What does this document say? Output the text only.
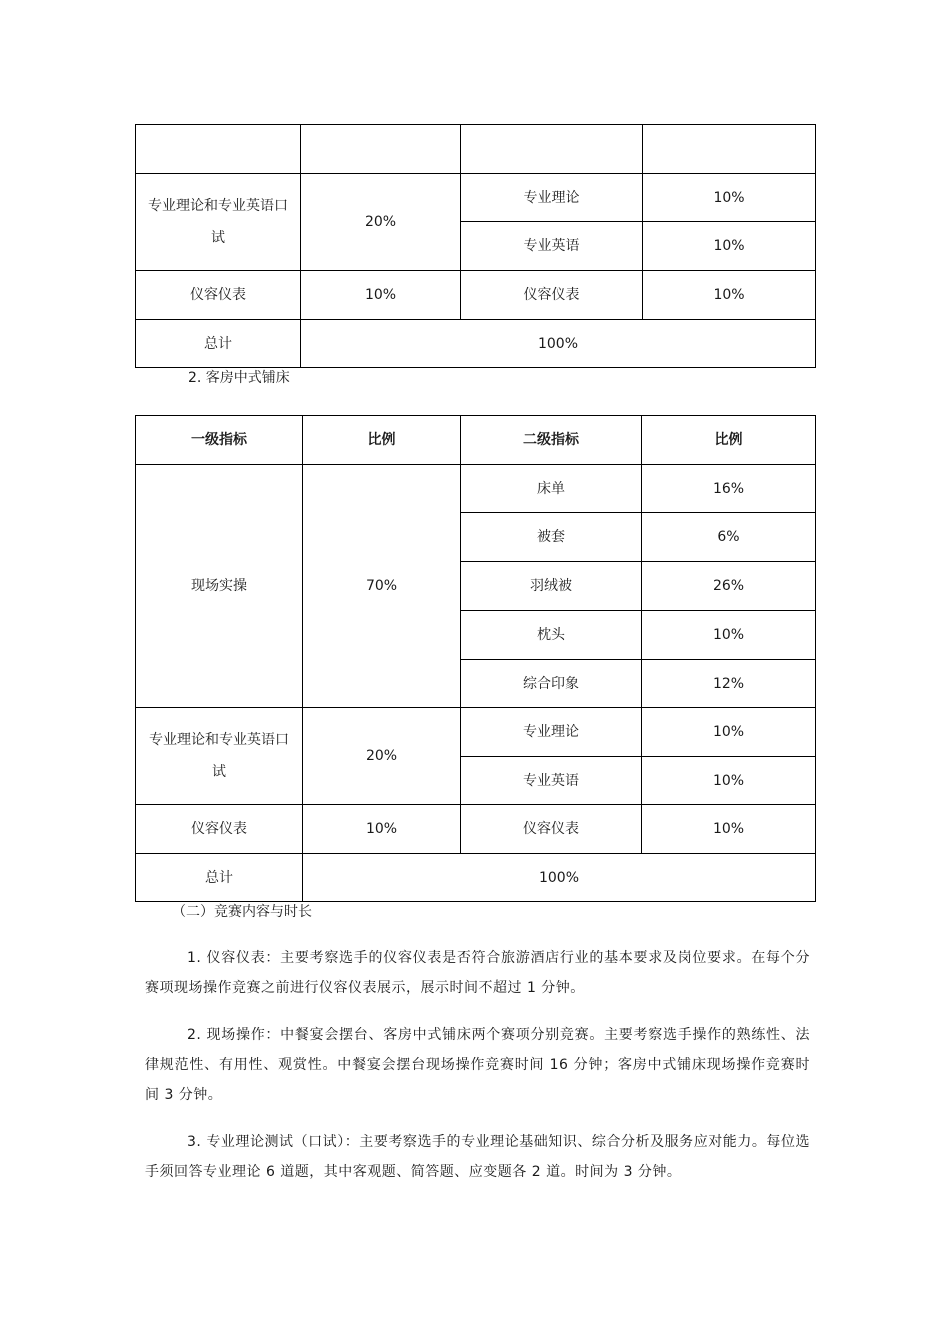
专业理论和专业英语口试	20%	专业理论	10%
		专业英语	10%
仪容仪表	10%	仪容仪表	10%
总计	100%		
2. 客房中式铺床
一级指标	比例	二级指标	比例
现场实操	70%	床单	16%
		被套	6%
		羽绒被	26%
		枕头	10%
		综合印象	12%
专业理论和专业英语口试	20%	专业理论	10%
		专业英语	10%
仪容仪表	10%	仪容仪表	10%
总计	100%		
（二）竞赛内容与时长
1. 仪容仪表：主要考察选手的仪容仪表是否符合旅游酒店行业的基本要求及岗位要求。在每个分赛项现场操作竞赛之前进行仪容仪表展示，展示时间不超过 1 分钟。
2. 现场操作：中餐宴会摆台、客房中式铺床两个赛项分别竞赛。主要考察选手操作的熟练性、法律规范性、有用性、观赏性。中餐宴会摆台现场操作竞赛时间 16 分钟；客房中式铺床现场操作竞赛时间 3 分钟。
3. 专业理论测试（口试）：主要考察选手的专业理论基础知识、综合分析及服务应对能力。每位选手须回答专业理论 6 道题，其中客观题、简答题、应变题各 2 道。时间为 3 分钟。
